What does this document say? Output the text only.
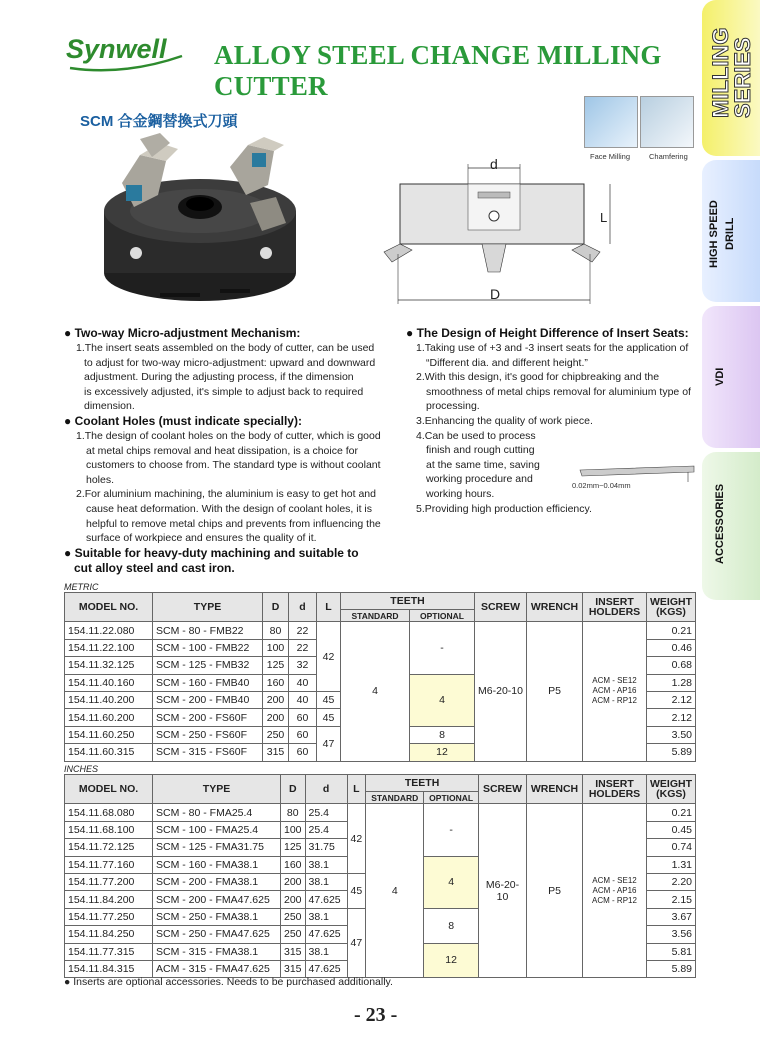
Synwell ALLOY STEEL CHANGE MILLING CUTTER	MILLING
SERIES
HIGH SPEED DRILL
VDI
ACCESSORIES
SCM 合金鋼替換式刀頭
Face Milling	Chamfering
d
L
D
● Two-way Micro-adjustment Mechanism:

1.The insert seats assembled on the body of cutter, can be used

to adjust for two-way micro-adjustment: upward and downward

adjustment. During the adjusting process, if the dimension

is excessively adjusted, it's simple to adjust back to required

dimension.

● Coolant Holes (must indicate specially):

1.The design of coolant holes on the body of cutter, which is good

at metal chips removal and heat dissipation, is a choice for

customers to choose from. The standard type is without coolant

holes.

2.For aluminium machining, the aluminium is easy to get hot and

cause heat deformation. With the design of coolant holes, it is

helpful to remove metal chips and prevents from influencing the

surface of workpiece and ensures the quality of it.

● Suitable for heavy-duty machining and suitable to
cut alloy steel and cast iron.
● The Design of Height Difference of Insert Seats:

1.Taking use of +3 and -3 insert seats for the application of

“Different dia. and different height.”

2.With this design, it's good for chipbreaking and the

smoothness of metal chips removal for aluminium type of

processing.

3.Enhancing the quality of work piece.

4.Can be used to process

finish and rough cutting

at the same time, saving

working procedure and

working hours.

5.Providing high production efficiency.

0.02mm~0.04mm
METRIC
MODEL NO.	TYPE	D	d	L	TEETH		SCREW	WRENCH	INSERT
HOLDERS	WEIGHT
(KGS)
					STANDARD	OPTIONAL				
154.11.22.080	SCM - 80 - FMB22	80	22	42	4	-	M6-20-10	P5	ACM - SE12
ACM - AP16
ACM - RP12	0.21
154.11.22.100	SCM - 100 - FMB22	100	22							0.46
154.11.32.125	SCM - 125 - FMB32	125	32							0.68
154.11.40.160	SCM - 160 - FMB40	160	40			4				1.28
154.11.40.200	SCM - 200 - FMB40	200	40	45						2.12
154.11.60.200	SCM - 200 - FS60F	200	60	45						2.12
154.11.60.250	SCM - 250 - FS60F	250	60	47		8				3.50
154.11.60.315	SCM - 315 - FS60F	315	60			12				5.89
INCHES
MODEL NO.	TYPE	D	d	L	TEETH		SCREW	WRENCH	INSERT
HOLDERS	WEIGHT
(KGS)
					STANDARD	OPTIONAL				
154.11.68.080	SCM - 80 - FMA25.4	80	25.4	42	4	-	M6-20-
10	P5	ACM - SE12
ACM - AP16
ACM - RP12	0.21
154.11.68.100	SCM - 100 - FMA25.4	100	25.4							0.45
154.11.72.125	SCM - 125 - FMA31.75	125	31.75							0.74
154.11.77.160	SCM - 160 - FMA38.1	160	38.1			4				1.31
154.11.77.200	SCM - 200 - FMA38.1	200	38.1	45						2.20
154.11.84.200	SCM - 200 - FMA47.625	200	47.625							2.15
154.11.77.250	SCM - 250 - FMA38.1	250	38.1	47		8				3.67
154.11.84.250	SCM - 250 - FMA47.625	250	47.625							3.56
154.11.77.315	SCM - 315 - FMA38.1	315	38.1			12				5.81
154.11.84.315	ACM - 315 - FMA47.625	315	47.625							5.89
● Inserts are optional accessories. Needs to be purchased additionally.
- 23 -
